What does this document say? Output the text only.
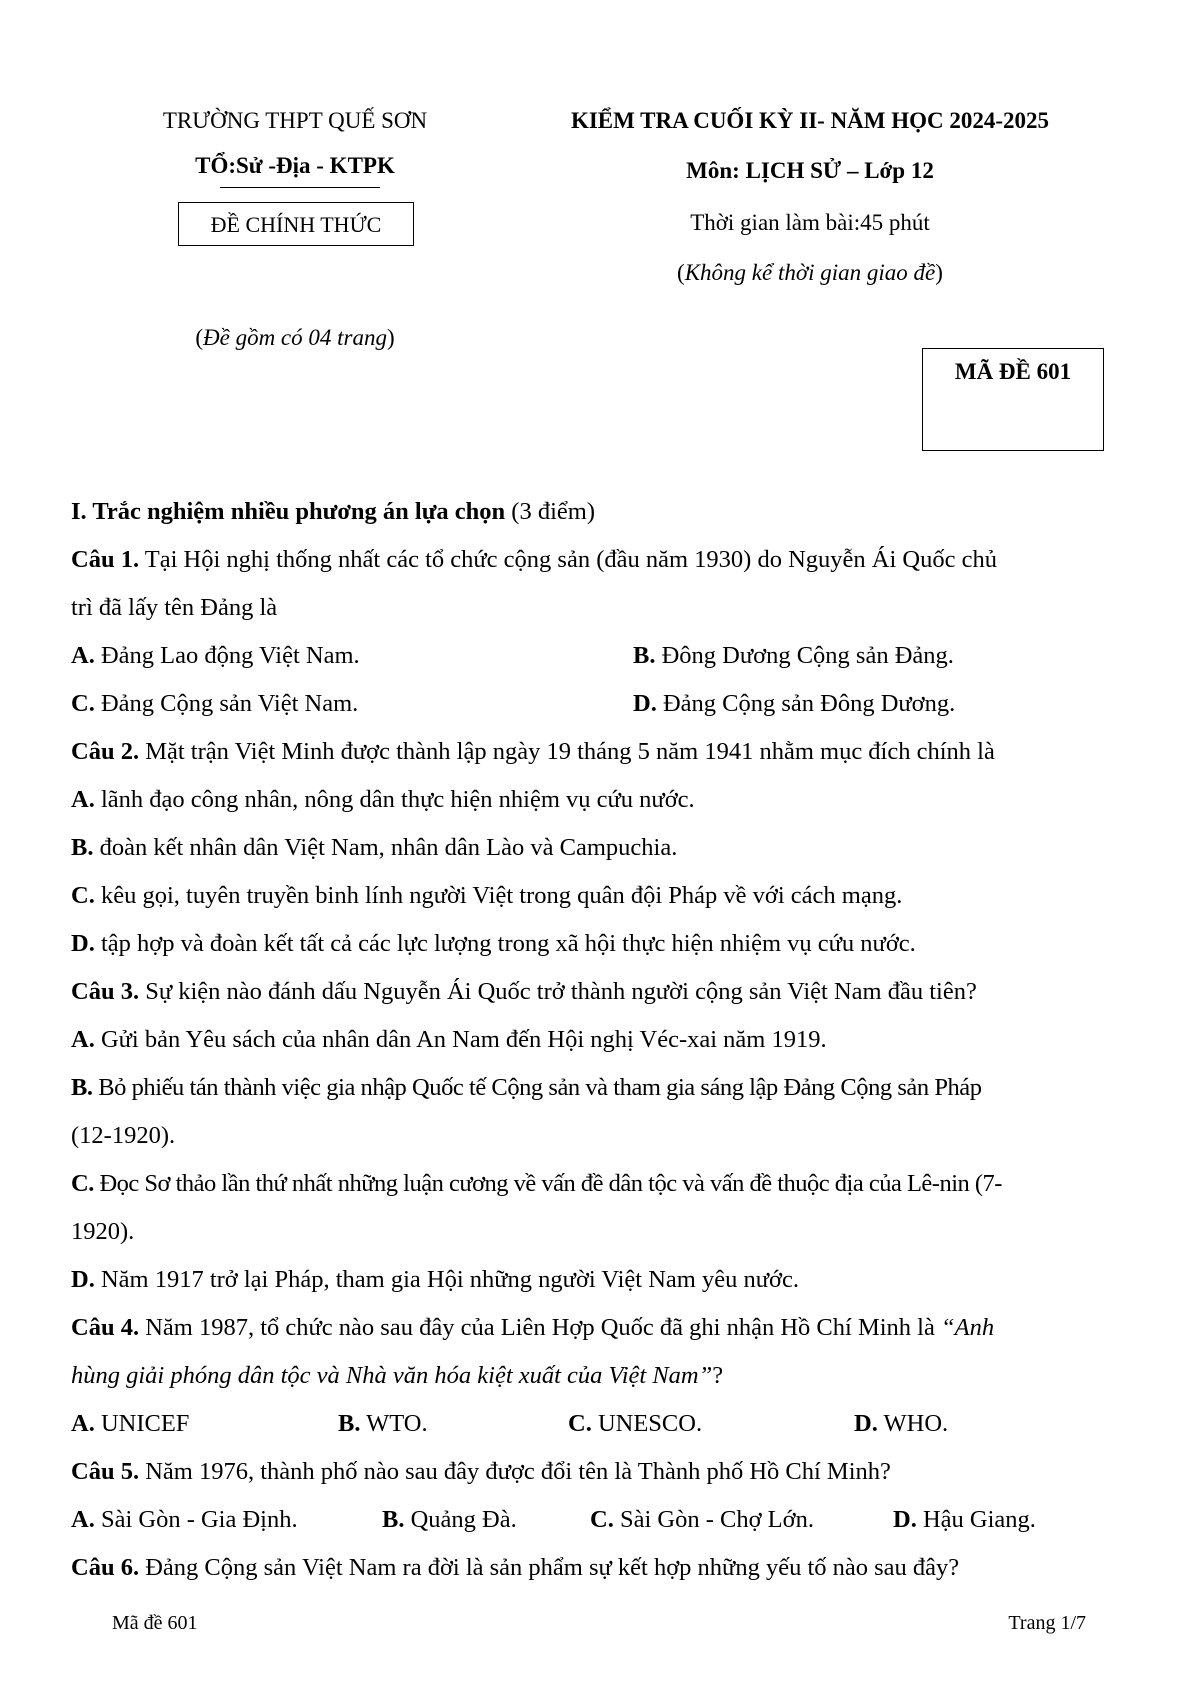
TRƯỜNG THPT QUẾ SƠN
TỔ:Sử -Địa - KTPK
ĐỀ CHÍNH THỨC
(Đề gồm có 04 trang)
KIỂM TRA CUỐI KỲ II- NĂM HỌC 2024-2025
Môn: LỊCH SỬ – Lớp 12
Thời gian làm bài:45 phút
(Không kể thời gian giao đề)
MÃ ĐỀ 601
I. Trắc nghiệm nhiều phương án lựa chọn (3 điểm)
Câu 1. Tại Hội nghị thống nhất các tổ chức cộng sản (đầu năm 1930) do Nguyễn Ái Quốc chủ
trì đã lấy tên Đảng là
A. Đảng Lao động Việt Nam.	B. Đông Dương Cộng sản Đảng.
C. Đảng Cộng sản Việt Nam.	D. Đảng Cộng sản Đông Dương.
Câu 2. Mặt trận Việt Minh được thành lập ngày 19 tháng 5 năm 1941 nhằm mục đích chính là
A. lãnh đạo công nhân, nông dân thực hiện nhiệm vụ cứu nước.
B. đoàn kết nhân dân Việt Nam, nhân dân Lào và Campuchia.
C. kêu gọi, tuyên truyền binh lính người Việt trong quân đội Pháp về với cách mạng.
D. tập hợp và đoàn kết tất cả các lực lượng trong xã hội thực hiện nhiệm vụ cứu nước.
Câu 3. Sự kiện nào đánh dấu Nguyễn Ái Quốc trở thành người cộng sản Việt Nam đầu tiên?
A. Gửi bản Yêu sách của nhân dân An Nam đến Hội nghị Véc-xai năm 1919.
B. Bỏ phiếu tán thành việc gia nhập Quốc tế Cộng sản và tham gia sáng lập Đảng Cộng sản Pháp
(12-1920).
C. Đọc Sơ thảo lần thứ nhất những luận cương về vấn đề dân tộc và vấn đề thuộc địa của Lê-nin (7-
1920).
D. Năm 1917 trở lại Pháp, tham gia Hội những người Việt Nam yêu nước.
Câu 4. Năm 1987, tổ chức nào sau đây của Liên Hợp Quốc đã ghi nhận Hồ Chí Minh là “Anh
hùng giải phóng dân tộc và Nhà văn hóa kiệt xuất của Việt Nam”?
A. UNICEF	B. WTO.	C. UNESCO.	D. WHO.
Câu 5. Năm 1976, thành phố nào sau đây được đổi tên là Thành phố Hồ Chí Minh?
A. Sài Gòn - Gia Định.	B. Quảng Đà.	C. Sài Gòn - Chợ Lớn.	D. Hậu Giang.
Câu 6. Đảng Cộng sản Việt Nam ra đời là sản phẩm sự kết hợp những yếu tố nào sau đây?
Mã đề 601	Trang 1/7
